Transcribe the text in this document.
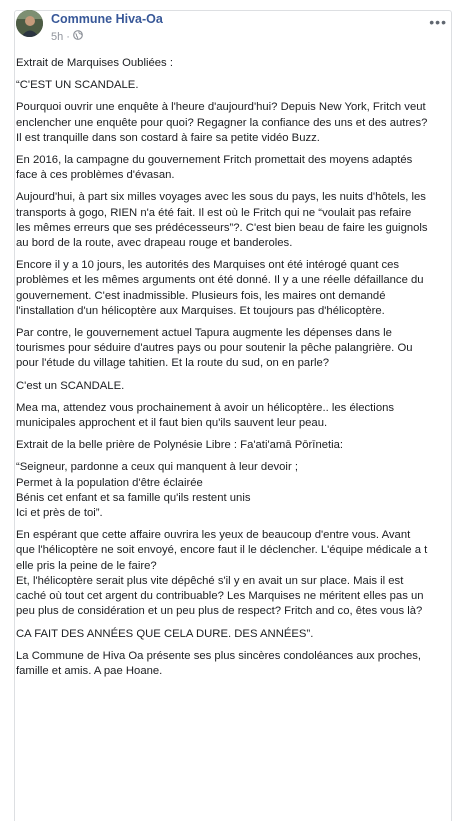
Commune Hiva-Oa
5h ·
•••

Extrait de Marquises Oubliées :

“C'EST UN SCANDALE.

Pourquoi ouvrir une enquête à l'heure d'aujourd'hui? Depuis New York, Fritch veut enclencher une enquête pour quoi? Regagner la confiance des uns et des autres? Il est tranquille dans son costard à faire sa petite vidéo Buzz.

En 2016, la campagne du gouvernement Fritch promettait des moyens adaptés face à ces problèmes d'évasan.

Aujourd'hui, à part six milles voyages avec les sous du pays, les nuits d'hôtels, les transports à gogo, RIEN n'a été fait. Il est où le Fritch qui ne “voulait pas refaire les mêmes erreurs que ses prédécesseurs”?. C'est bien beau de faire les guignols au bord de la route, avec drapeau rouge et banderoles.

Encore il y a 10 jours, les autorités des Marquises ont été intérogé quant ces problèmes et les mêmes arguments ont été donné. Il y a une réelle défaillance du gouvernement. C'est inadmissible. Plusieurs fois, les maires ont demandé l'installation d'un hélicoptère aux Marquises. Et toujours pas d'hélicoptère.

Par contre, le gouvernement actuel Tapura augmente les dépenses dans le tourismes pour séduire d'autres pays ou pour soutenir la pêche palangrière. Ou pour l'étude du village tahitien. Et la route du sud, on en parle?

C'est un SCANDALE.

Mea ma, attendez vous prochainement à avoir un hélicoptère.. les élections municipales approchent et il faut bien qu'ils sauvent leur peau.

Extrait de la belle prière de Polynésie Libre : Fa'ati'amā Pōrīnetia:

“Seigneur, pardonne a ceux qui manquent à leur devoir ;
Permet à la population d'être éclairée
Bénis cet enfant et sa famille qu'ils restent unis
Ici et près de toi”.

En espérant que cette affaire ouvrira les yeux de beaucoup d'entre vous. Avant que l'hélicoptère ne soit envoyé, encore faut il le déclencher. L'équipe médicale a t elle pris la peine de le faire?
Et, l'hélicoptère serait plus vite dépêché s'il y en avait un sur place. Mais il est caché où tout cet argent du contribuable? Les Marquises ne méritent elles pas un peu plus de considération et un peu plus de respect? Fritch and co, êtes vous là?

CA FAIT DES ANNÉES QUE CELA DURE. DES ANNÉES”.

La Commune de Hiva Oa présente ses plus sincères condoléances aux proches, famille et amis. A pae Hoane.
